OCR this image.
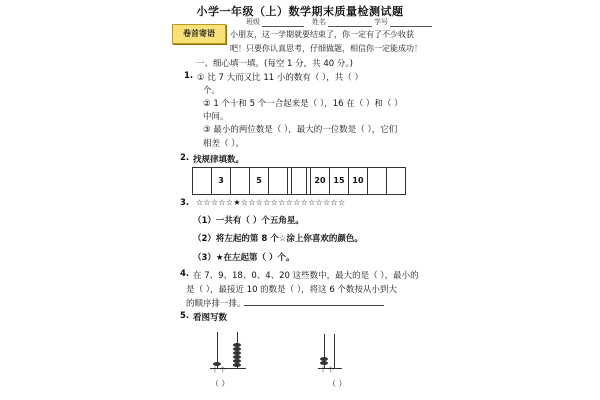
小学一年级（上）数学期末质量检测试题
班级	姓名	学号
卷首寄语	小朋友，这一学期就要结束了，你一定有了不少收获
吧！只要你认真思考，仔细做题，相信你一定能成功！
一、细心填一填。(每空 1 分，共 40 分。)
1. ① 比 7 大而又比 11 小的数有（ ），共（ ）
个。
② 1 个十和 5 个一合起来是（ ），16 在（ ）和（ ）
中间。
③ 最小的两位数是（ ），最大的一位数是（ ），它们
相差（ ）。
2. 找规律填数。
3	5	20 15 10
3. ☆☆☆☆☆★☆☆☆☆☆☆☆☆☆☆☆☆☆☆
（1）一共有（ ）个五角星。
（2）将左起的第 8 个☆涂上你喜欢的颜色。
（3）★在左起第（ ）个。
4. 在 7、9、18、0、4、20 这些数中，最大的是（ ），最小的
是（ ），最接近 10 的数是（ ），将这 6 个数按从小到大
的顺序排一排。
5. 看图写数
十 个
（ ）
十 个
（ ）
